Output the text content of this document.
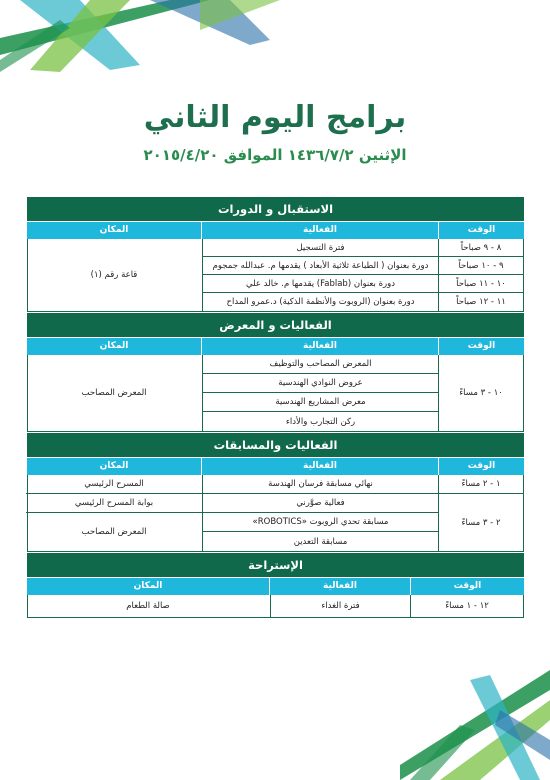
برامج اليوم الثاني
الإثنين ١٤٣٦/٧/٢ الموافق ٢٠١٥/٤/٢٠
الاستقبال و الدورات
الوقت
الفعالية
المكان
٨ - ٩ صباحاً
فترة التسجيل
٩ - ١٠ صباحاً
دورة بعنوان ( الطباعة ثلاثية الأبعاد ) يقدمها م. عبدالله جمجوم
١٠ - ١١ صباحاً
دورة بعنوان (Fablab) يقدمها م. خالد علي
١١ - ١٢ صباحاً
دورة بعنوان (الروبوت والأنظمة الذكية) د.عمرو المداح
قاعة رقم (١)
الفعاليات و المعرض
الوقت
الفعالية
المكان
١٠ - ٣ مساءً
المعرض المصاحب والتوظيف
عروض النوادي الهندسية
معرض المشاريع الهندسية
ركن التجارب والأداء
المعرض المصاحب
الفعاليات والمسابقات
الوقت
الفعالية
المكان
١ - ٢ مساءً
نهائي مسابقة فرسان الهندسة
المسرح الرئيسي
٢ - ٣ مساءً
فعالية صوَّرني
بوابة المسرح الرئيسي
مسابقة تحدي الروبوت «ROBOTICS»
المعرض المصاحب
مسابقة التعدين
الإستراحة
الوقت
الفعالية
المكان
١٢ - ١ مساءً
فترة الغداء
صالة الطعام
